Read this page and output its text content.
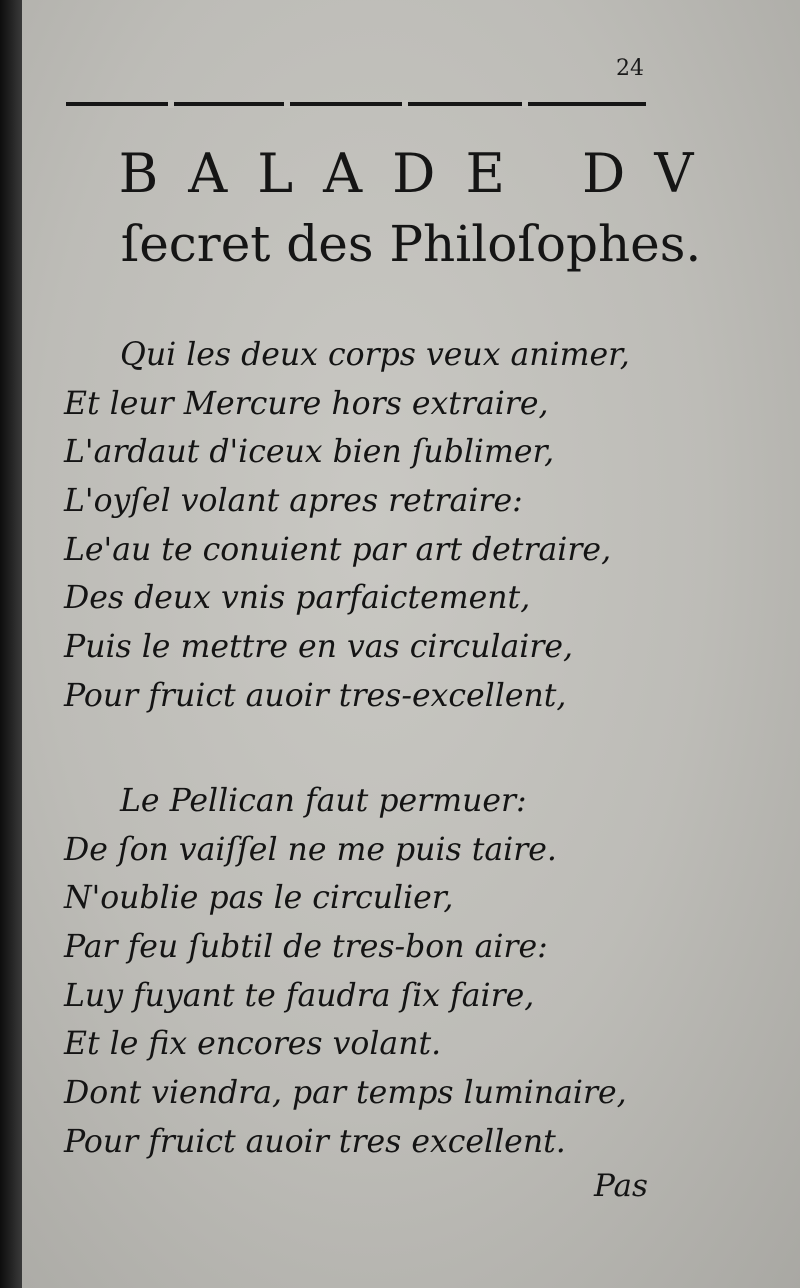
24
BALADE DV
ſecret des Philoſophes.
Qui les deux corps veux animer,
Et leur Mercure hors extraire,
L'ardaut d'iceux bien ſublimer,
L'oyſel volant apres retraire:
Le'au te conuient par art detraire,
Des deux vnis parfaictement,
Puis le mettre en vas circulaire,
Pour fruict auoir tres-excellent,
Le Pellican faut permuer:
De ſon vaiſſel ne me puis taire.
N'oublie pas le circulier,
Par feu ſubtil de tres-bon aire:
Luy fuyant te faudra ſix faire,
Et le fix encores volant.
Dont viendra, par temps luminaire,
Pour fruict auoir tres excellent.
Pas
